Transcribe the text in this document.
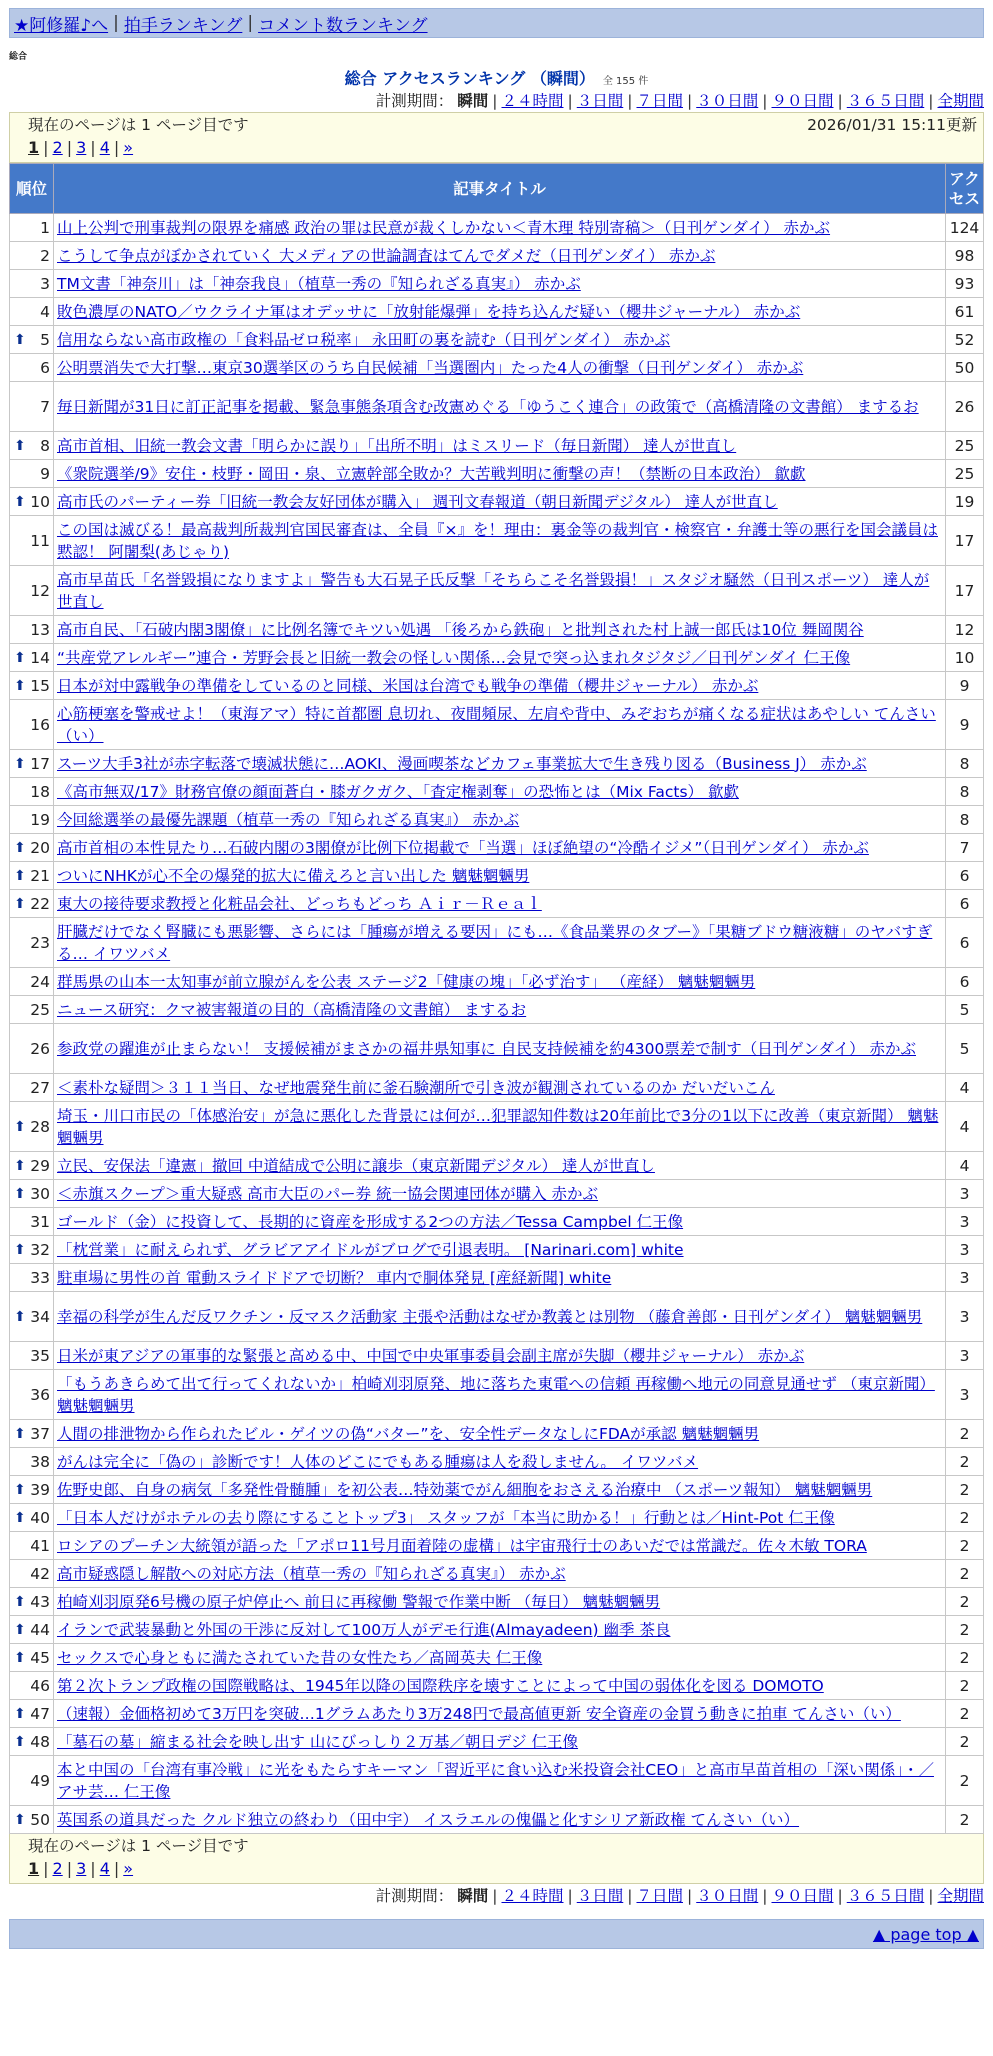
★阿修羅♪へ | 拍手ランキング | コメント数ランキング
総合
総合 アクセスランキング （瞬間） 全 155 件
計測期間： 瞬間 | ２４時間 | ３日間 | ７日間 | ３０日間 | ９０日間 | ３６５日間 | 全期間
現在のページは 1 ページ目です	2026/01/31 15:11更新
1 | 2 | 3 | 4 | »
順位	記事タイトル	アクセス
1	山上公判で刑事裁判の限界を痛感 政治の罪は民意が裁くしかない＜青木理 特別寄稿＞（日刊ゲンダイ） 赤かぶ	124
2	こうして争点がぼかされていく 大メディアの世論調査はてんでダメだ（日刊ゲンダイ） 赤かぶ	98
3	TM文書「神奈川」は「神奈我良」（植草一秀の『知られざる真実』） 赤かぶ	93
4	敗色濃厚のNATO／ウクライナ軍はオデッサに「放射能爆弾」を持ち込んだ疑い（櫻井ジャーナル） 赤かぶ	61

⬆ 5	信用ならない高市政権の「食料品ゼロ税率」 永田町の裏を読む（日刊ゲンダイ） 赤かぶ	52
6	公明票消失で大打撃…東京30選挙区のうち自民候補「当選圏内」たった4人の衝撃（日刊ゲンダイ） 赤かぶ	50
7	毎日新聞が31日に訂正記事を掲載、緊急事態条項含む改憲めぐる「ゆうこく連合」の政策で（高橋清隆の文書館） まするお	26

⬆ 8	高市首相、旧統一教会文書「明らかに誤り」「出所不明」はミスリード（毎日新聞） 達人が世直し	25
9	《衆院選挙/9》安住・枝野・岡田・泉、立憲幹部全敗か？大苦戦判明に衝撃の声！（禁断の日本政治） 歙歔	25

⬆ 10	高市氏のパーティー券「旧統一教会友好団体が購入」 週刊文春報道（朝日新聞デジタル） 達人が世直し	19
11	この国は滅びる！最高裁判所裁判官国民審査は、全員『×』を！理由：裏金等の裁判官・検察官・弁護士等の悪行を国会議員は黙認！ 阿闍梨(あじゃり)	17
12	高市早苗氏「名誉毀損になりますよ」警告も大石晃子氏反撃「そちらこそ名誉毀損！」スタジオ騒然（日刊スポーツ） 達人が世直し	17
13	高市自民、「石破内閣3閣僚」に比例名簿でキツい処遇 「後ろから鉄砲」と批判された村上誠一郎氏は10位 舞岡関谷	12

⬆ 14	“共産党アレルギー”連合・芳野会長と旧統一教会の怪しい関係…会見で突っ込まれタジタジ／日刊ゲンダイ 仁王像	10

⬆ 15	日本が対中露戦争の準備をしているのと同様、米国は台湾でも戦争の準備（櫻井ジャーナル） 赤かぶ	9
16	心筋梗塞を警戒せよ！（東海アマ）特に首都圏 息切れ、夜間頻尿、左肩や背中、みぞおちが痛くなる症状はあやしい てんさい（い）	9

⬆ 17	スーツ大手3社が赤字転落で壊滅状態に…AOKI、漫画喫茶などカフェ事業拡大で生き残り図る（Business J） 赤かぶ	8
18	《高市無双/17》財務官僚の顔面蒼白・膝ガクガク、「査定権剥奪」の恐怖とは（Mix Facts） 歙歔	8
19	今回総選挙の最優先課題（植草一秀の『知られざる真実』） 赤かぶ	8

⬆ 20	高市首相の本性見たり…石破内閣の3閣僚が比例下位掲載で「当選」ほぼ絶望の“冷酷イジメ”（日刊ゲンダイ） 赤かぶ	7

⬆ 21	ついにNHKが心不全の爆発的拡大に備えろと言い出した 魑魅魍魎男	6

⬆ 22	東大の接待要求教授と化粧品会社、どっちもどっち Ａｉｒ－Ｒｅａｌ	6
23	肝臓だけでなく腎臓にも悪影響、さらには「腫瘍が増える要因」にも…《食品業界のタブー》「果糖ブドウ糖液糖」のヤバすぎる… イワツバメ	6
24	群馬県の山本一太知事が前立腺がんを公表 ステージ2「健康の塊」「必ず治す」 （産経） 魑魅魍魎男	6
25	ニュース研究：クマ被害報道の目的（高橋清隆の文書館） まするお	5
26	参政党の躍進が止まらない！ 支援候補がまさかの福井県知事に 自民支持候補を約4300票差で制す（日刊ゲンダイ） 赤かぶ	5
27	＜素朴な疑問＞３１１当日、なぜ地震発生前に釜石験潮所で引き波が観測されているのか だいだいこん	4

⬆ 28	埼玉・川口市民の「体感治安」が急に悪化した背景には何が…犯罪認知件数は20年前比で3分の1以下に改善（東京新聞） 魑魅魍魎男	4

⬆ 29	立民、安保法「違憲」撤回 中道結成で公明に譲歩（東京新聞デジタル） 達人が世直し	4

⬆ 30	＜赤旗スクープ＞重大疑惑 高市大臣のパー券 統一協会関連団体が購入 赤かぶ	3
31	ゴールド（金）に投資して、長期的に資産を形成する2つの方法／Tessa Campbel 仁王像	3

⬆ 32	「枕営業」に耐えられず、グラビアアイドルがブログで引退表明。 [Narinari.com] white	3
33	駐車場に男性の首 電動スライドドアで切断？ 車内で胴体発見 [産経新聞] white	3

⬆ 34	幸福の科学が生んだ反ワクチン・反マスク活動家 主張や活動はなぜか教義とは別物 （藤倉善郎・日刊ゲンダイ） 魑魅魍魎男	3
35	日米が東アジアの軍事的な緊張と高める中、中国で中央軍事委員会副主席が失脚（櫻井ジャーナル） 赤かぶ	3
36	「もうあきらめて出て行ってくれないか」柏崎刈羽原発、地に落ちた東電への信頼 再稼働へ地元の同意見通せず （東京新聞） 魑魅魍魎男	3

⬆ 37	人間の排泄物から作られたビル・ゲイツの偽“バター”を、安全性データなしにFDAが承認 魑魅魍魎男	2
38	がんは完全に「偽の」診断です！人体のどこにでもある腫瘍は人を殺しません。 イワツバメ	2

⬆ 39	佐野史郎、自身の病気「多発性骨髄腫」を初公表…特効薬でがん細胞をおさえる治療中 （スポーツ報知） 魑魅魍魎男	2

⬆ 40	「日本人だけがホテルの去り際にすることトップ3」 スタッフが「本当に助かる！」行動とは／Hint-Pot 仁王像	2
41	ロシアのプーチン大統領が語った「アポロ11号月面着陸の虚構」は宇宙飛行士のあいだでは常識だ。佐々木敏 TORA	2
42	高市疑惑隠し解散への対応方法（植草一秀の『知られざる真実』） 赤かぶ	2

⬆ 43	柏崎刈羽原発6号機の原子炉停止へ 前日に再稼働 警報で作業中断 （毎日） 魑魅魍魎男	2

⬆ 44	イランで武装暴動と外国の干渉に反対して100万人がデモ行進(Almayadeen) 幽季 茶良	2

⬆ 45	セックスで心身ともに満たされていた昔の女性たち／高岡英夫 仁王像	2
46	第２次トランプ政権の国際戦略は、1945年以降の国際秩序を壊すことによって中国の弱体化を図る DOMOTO	2

⬆ 47	（速報）金価格初めて3万円を突破…1グラムあたり3万248円で最高値更新 安全資産の金買う動きに拍車 てんさい（い）	2

⬆ 48	「墓石の墓」縮まる社会を映し出す 山にびっしり２万基／朝日デジ 仁王像	2
49	本と中国の「台湾有事冷戦」に光をもたらすキーマン「習近平に食い込む米投資会社CEO」と高市早苗首相の「深い関係」・／アサ芸… 仁王像	2

⬆ 50	英国系の道具だった クルド独立の終わり（田中宇） イスラエルの傀儡と化すシリア新政権 てんさい（い）	2
現在のページは 1 ページ目です
1 | 2 | 3 | 4 | »
計測期間： 瞬間 | ２４時間 | ３日間 | ７日間 | ３０日間 | ９０日間 | ３６５日間 | 全期間
▲ page top ▲
